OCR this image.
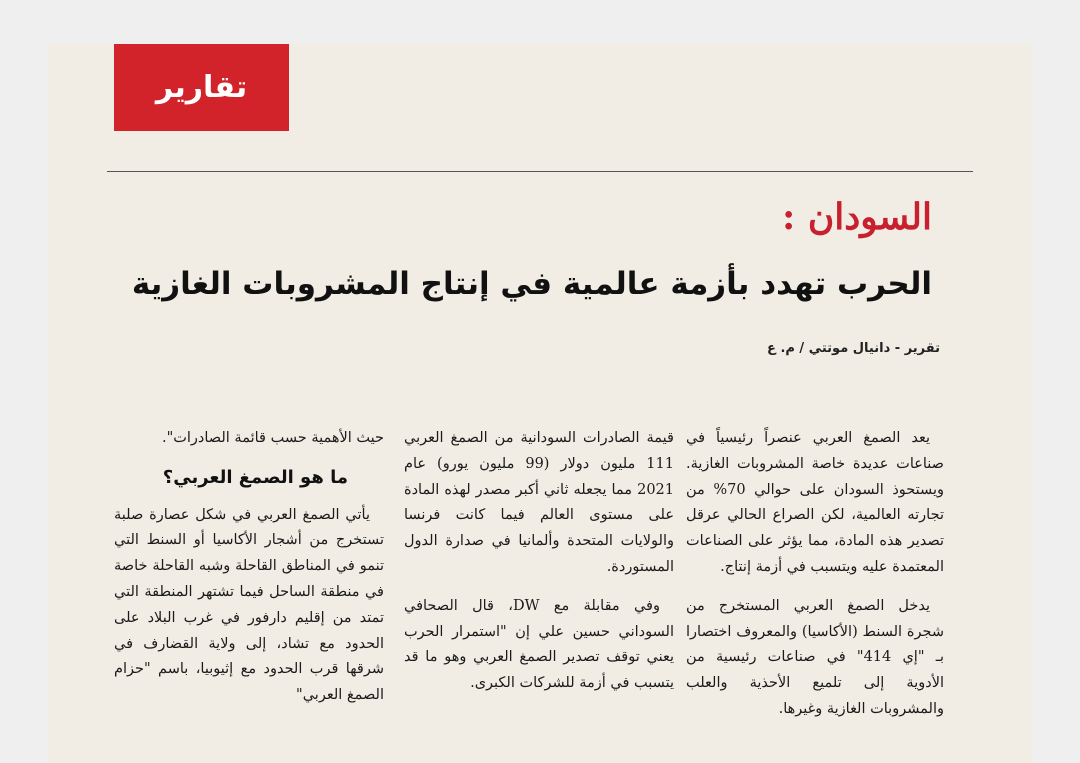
تقارير
السودان :
الحرب تهدد بأزمة عالمية في إنتاج المشروبات الغازية
تقرير - دانيال موتتي / م. ع

يعد الصمغ العربي عنصراً رئيسياً في صناعات عديدة خاصة المشروبات الغازية. ويستحوذ السودان على حوالي 70% من تجارته العالمية، لكن الصراع الحالي عرقل تصدير هذه المادة، مما يؤثر على الصناعات المعتمدة عليه ويتسبب في أزمة إنتاج.

يدخل الصمغ العربي المستخرج من شجرة السنط (الأكاسيا) والمعروف اختصارا بـ "إي 414" في صناعات رئيسية من الأدوية إلى تلميع الأحذية والعلب والمشروبات الغازية وغيرها.

قيمة الصادرات السودانية من الصمغ العربي 111 مليون دولار (99 مليون يورو) عام 2021 مما يجعله ثاني أكبر مصدر لهذه المادة على مستوى العالم فيما كانت فرنسا والولايات المتحدة وألمانيا في صدارة الدول المستوردة.

وفي مقابلة مع DW، قال الصحافي السوداني حسين علي إن "استمرار الحرب يعني توقف تصدير الصمغ العربي وهو ما قد يتسبب في أزمة للشركات الكبرى.

حيث الأهمية حسب قائمة الصادرات".

ما هو الصمغ العربي؟

يأتي الصمغ العربي في شكل عصارة صلبة تستخرج من أشجار الأكاسيا أو السنط التي تنمو في المناطق القاحلة وشبه القاحلة خاصة في منطقة الساحل فيما تشتهر المنطقة التي تمتد من إقليم دارفور في غرب البلاد على الحدود مع تشاد، إلى ولاية القضارف في شرقها قرب الحدود مع إثيوبيا، باسم "حزام الصمغ العربي"
